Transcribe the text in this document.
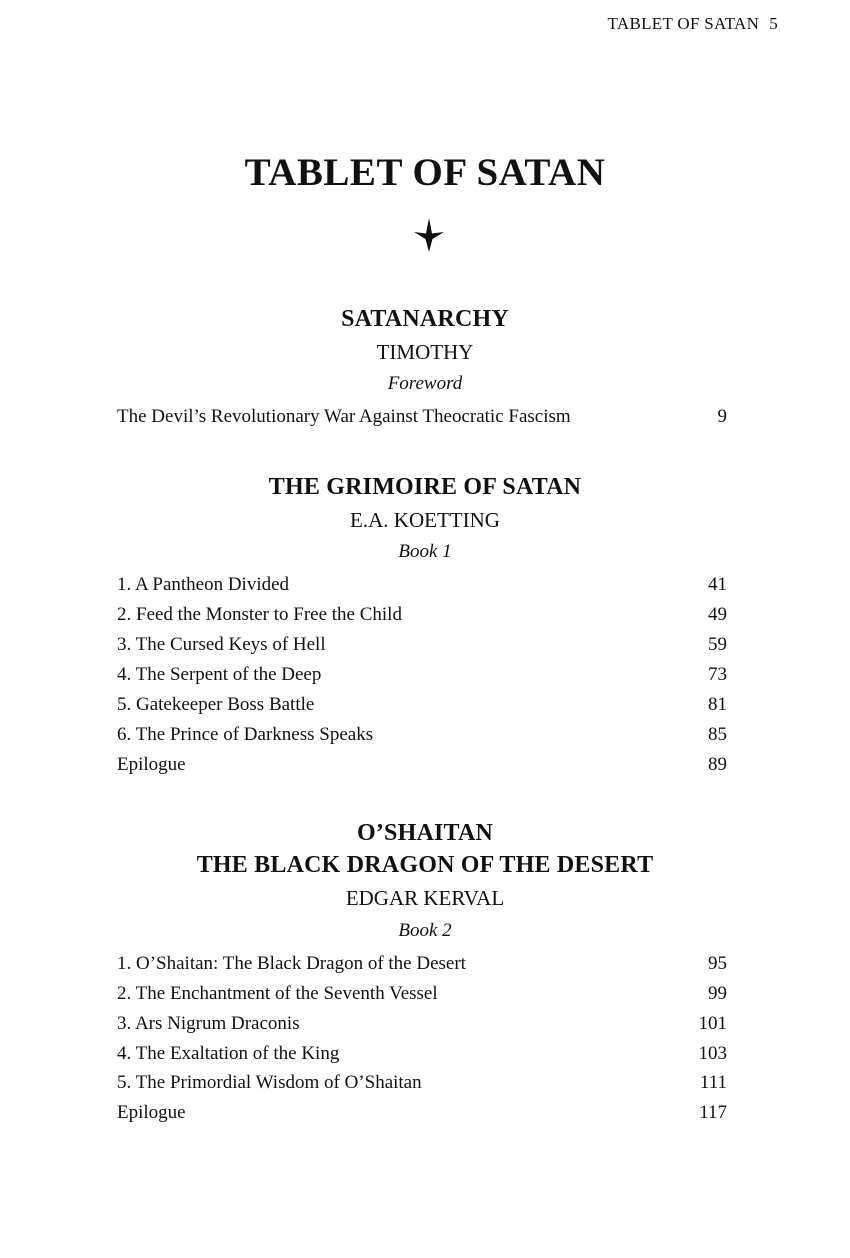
TABLET OF SATAN 5
TABLET OF SATAN
SATANARCHY
TIMOTHY
Foreword
The Devil’s Revolutionary War Against Theocratic Fascism	9
THE GRIMOIRE OF SATAN
E.A. KOETTING
Book 1
1. A Pantheon Divided	41
2. Feed the Monster to Free the Child	49
3. The Cursed Keys of Hell	59
4. The Serpent of the Deep	73
5. Gatekeeper Boss Battle	81
6. The Prince of Darkness Speaks	85
Epilogue	89
O’SHAITAN
THE BLACK DRAGON OF THE DESERT
EDGAR KERVAL
Book 2
1. O’Shaitan: The Black Dragon of the Desert	95
2. The Enchantment of the Seventh Vessel	99
3. Ars Nigrum Draconis	101
4. The Exaltation of the King	103
5. The Primordial Wisdom of O’Shaitan	111
Epilogue	117
